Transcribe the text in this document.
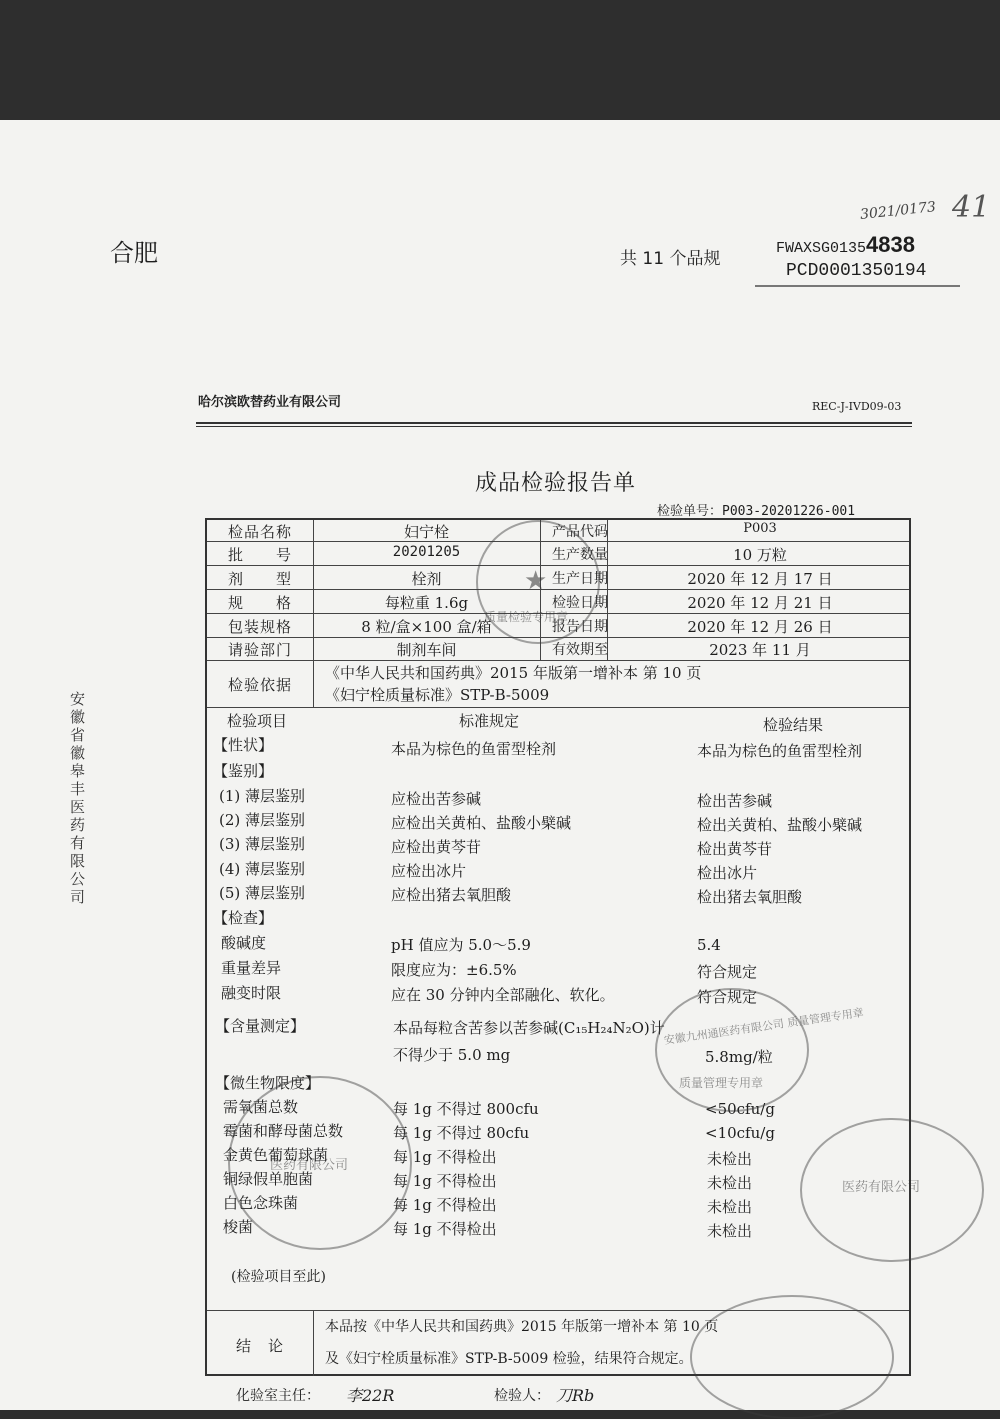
合肥	共 11 个品规
3021/0173 41
FWAXSG01354838
PCD0001350194
安徽省徽皋丰医药有限公司
哈尔滨欧替药业有限公司	REC-J-IVD09-03
成品检验报告单
检验单号：P003-20201226-001
检品名称	妇宁栓	产品代码	P003
批　　号	20201205	生产数量	10 万粒
剂　　型	栓剂	生产日期	2020 年 12 月 17 日
规　　格	每粒重 1.6g	检验日期	2020 年 12 月 21 日
包装规格	8 粒/盒×100 盒/箱	报告日期	2020 年 12 月 26 日
请验部门	制剂车间	有效期至	2023 年 11 月
检验依据
《中华人民共和国药典》2015 年版第一增补本 第 10 页
《妇宁栓质量标准》STP-B-5009
检验项目	标准规定	检验结果
【性状】	本品为棕色的鱼雷型栓剂	本品为棕色的鱼雷型栓剂
【鉴别】
(1) 薄层鉴别	应检出苦参碱	检出苦参碱
(2) 薄层鉴别	应检出关黄柏、盐酸小檗碱	检出关黄柏、盐酸小檗碱
(3) 薄层鉴别	应检出黄芩苷	检出黄芩苷
(4) 薄层鉴别	应检出冰片	检出冰片
(5) 薄层鉴别	应检出猪去氧胆酸	检出猪去氧胆酸
【检查】
酸碱度	pH 值应为 5.0～5.9	5.4
重量差异	限度应为：±6.5%	符合规定
融变时限	应在 30 分钟内全部融化、软化。	符合规定
【含量测定】	本品每粒含苦参以苦参碱(C₁₅H₂₄N₂O)计
不得少于 5.0 mg	5.8mg/粒
【微生物限度】
需氧菌总数	每 1g 不得过 800cfu	<50cfu/g
霉菌和酵母菌总数	每 1g 不得过 80cfu	<10cfu/g
金黄色葡萄球菌	每 1g 不得检出	未检出
铜绿假单胞菌	每 1g 不得检出	未检出
白色念珠菌	每 1g 不得检出	未检出
梭菌	每 1g 不得检出	未检出
(检验项目至此)
结　论
本品按《中华人民共和国药典》2015 年版第一增补本 第 10 页
及《妇宁栓质量标准》STP-B-5009 检验，结果符合规定。
化验室主任： 李22R	检验人： 刀Rb
质量检验专用章
★
安徽九州通医药有限公司 质量管理专用章
质量管理专用章
医药有限公司
医药有限公司
